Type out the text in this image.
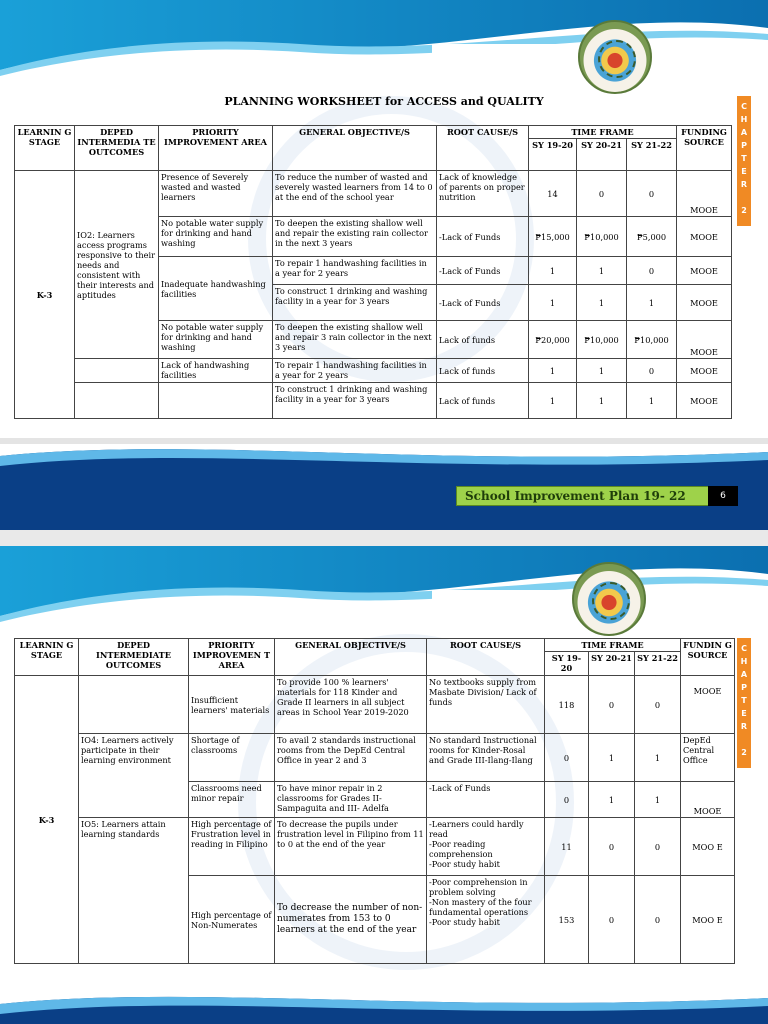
PLANNING WORKSHEET for ACCESS and QUALITY	C
H
A
P
T
E
R

2
LEARNIN G STAGE	DEPED INTERMEDIA TE OUTCOMES	PRIORITY IMPROVEMENT AREA	GENERAL OBJECTIVE/S	ROOT CAUSE/S	TIME FRAME			FUNDING SOURCE
					SY 19-20	SY 20-21	SY 21-22	
K-3	IO2: Learners access programs responsive to their needs and consistent with their interests and aptitudes	Presence of Severely wasted and wasted learners	To reduce the number of wasted and severely wasted learners from 14 to 0 at the end of the school year	Lack of knowledge of parents on proper nutrition	14	0	0	MOOE
		No potable water supply for drinking and hand washing	To deepen the existing shallow well and repair the existing rain collector in the next 3 years	-Lack of Funds	₱15,000	₱10,000	₱5,000	MOOE
		Inadequate handwashing facilities	To repair 1 handwashing facilities in a year for 2 years	-Lack of Funds	1	1	0	MOOE
			To construct 1 drinking and washing facility in a year for 3 years	-Lack of Funds	1	1	1	MOOE
		No potable water supply for drinking and hand washing	To deepen the existing shallow well and repair 3 rain collector in the next 3 years	Lack of funds	₱20,000	₱10,000	₱10,000	MOOE
		Lack of handwashing facilities	To repair 1 handwashing facilities in a year for 2 years	Lack of funds	1	1	0	MOOE
			To construct 1 drinking and washing facility in a year for 3 years	Lack of funds	1	1	1	MOOE
School Improvement Plan 19- 22	6
C
H
A
P
T
E
R

2
LEARNIN G STAGE	DEPED INTERMEDIATE OUTCOMES	PRIORITY IMPROVEMEN T AREA	GENERAL OBJECTIVE/S	ROOT CAUSE/S	TIME FRAME			FUNDIN G SOURCE
					SY 19-20	SY 20-21	SY 21-22	
K-3		Insufficient learners' materials	To provide 100 % learners' materials for 118 Kinder and Grade II learners in all subject areas in School Year 2019-2020	No textbooks supply from Masbate Division/ Lack of funds	118	0	0	MOOE
	IO4: Learners actively participate in their learning environment	Shortage of classrooms	To avail 2 standards instructional rooms from the DepEd Central Office in year 2 and 3	No standard Instructional rooms for Kinder-Rosal and Grade III-Ilang-Ilang	0	1	1	DepEd Central Office
		Classrooms need minor repair	To have minor repair in 2 classrooms for Grades II-Sampaguita and III- Adelfa	-Lack of Funds	0	1	1	MOOE
	IO5: Learners attain learning standards	High percentage of Frustration level in reading in Filipino	To decrease the pupils under frustration level in Filipino from 11 to 0 at the end of the year	-Learners could hardly read
-Poor reading comprehension
-Poor study habit	11	0	0	MOO E
		High percentage of Non-Numerates	To decrease the number of non-numerates from 153 to 0 learners at the end of the year	-Poor comprehension in problem solving
-Non mastery of the four fundamental operations
-Poor study habit	153	0	0	MOO E
